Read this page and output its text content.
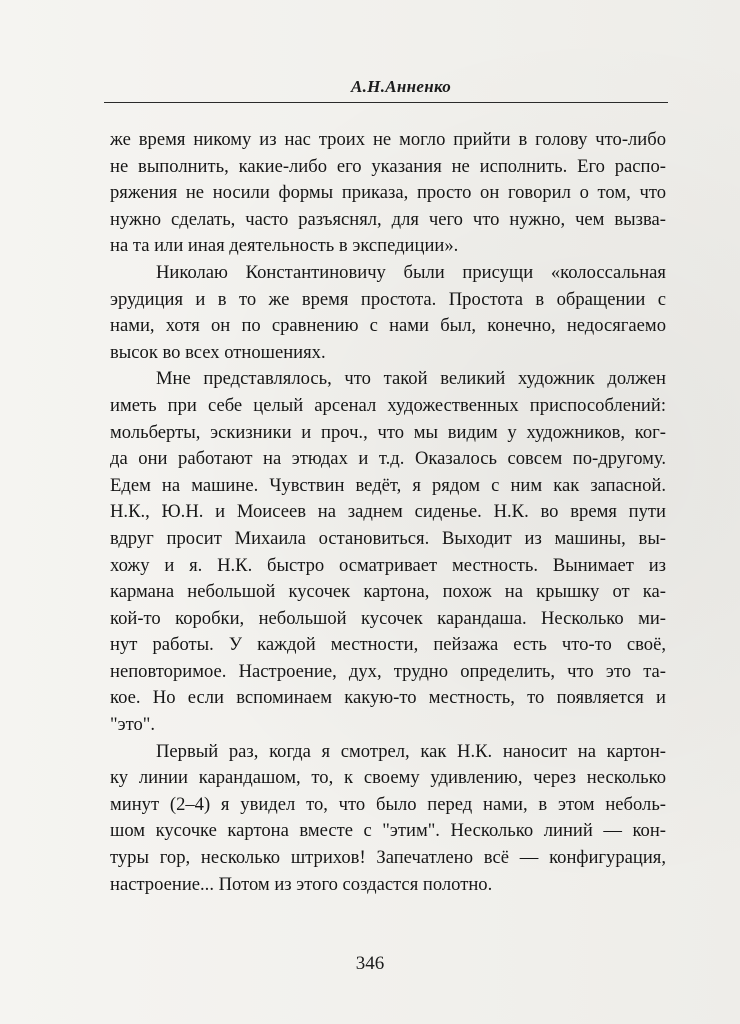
А.Н.Анненко

же время никому из нас троих не могло прийти в голову что-либо
не выполнить, какие-либо его указания не исполнить. Его распо-
ряжения не носили формы приказа, просто он говорил о том, что
нужно сделать, часто разъяснял, для чего что нужно, чем вызва-
на та или иная деятельность в экспедиции».

Николаю Константиновичу были присущи «колоссальная
эрудиция и в то же время простота. Простота в обращении с
нами, хотя он по сравнению с нами был, конечно, недосягаемо
высок во всех отношениях.

Мне представлялось, что такой великий художник должен
иметь при себе целый арсенал художественных приспособлений:
мольберты, эскизники и проч., что мы видим у художников, ког-
да они работают на этюдах и т.д. Оказалось совсем по-другому.
Едем на машине. Чувствин ведёт, я рядом с ним как запасной.
Н.К., Ю.Н. и Моисеев на заднем сиденье. Н.К. во время пути
вдруг просит Михаила остановиться. Выходит из машины, вы-
хожу и я. Н.К. быстро осматривает местность. Вынимает из
кармана небольшой кусочек картона, похож на крышку от ка-
кой-то коробки, небольшой кусочек карандаша. Несколько ми-
нут работы. У каждой местности, пейзажа есть что-то своё,
неповторимое. Настроение, дух, трудно определить, что это та-
кое. Но если вспоминаем какую-то местность, то появляется и
"это".

Первый раз, когда я смотрел, как Н.К. наносит на картон-
ку линии карандашом, то, к своему удивлению, через несколько
минут (2–4) я увидел то, что было перед нами, в этом неболь-
шом кусочке картона вместе с "этим". Несколько линий — кон-
туры гор, несколько штрихов! Запечатлено всё — конфигурация,
настроение... Потом из этого создастся полотно.

346
